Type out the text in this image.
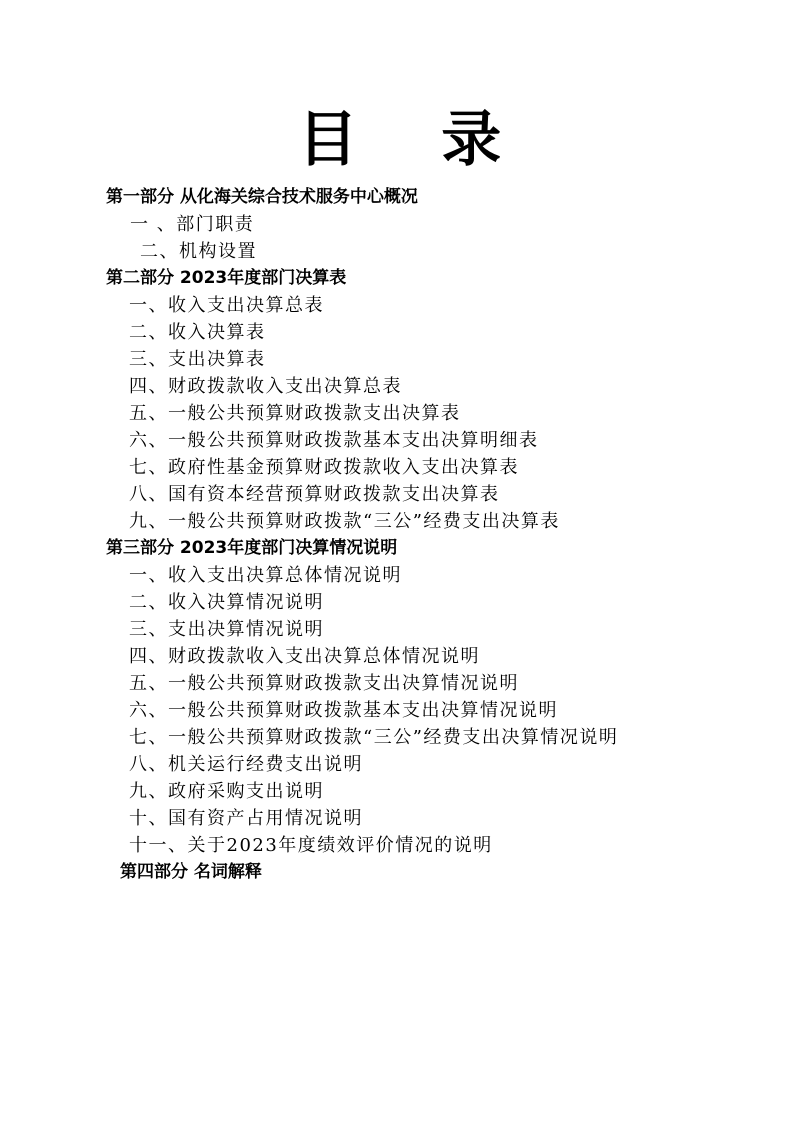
目    录
第一部分 从化海关综合技术服务中心概况
一 、部门职责
二、机构设置
第二部分 2023年度部门决算表
一、收入支出决算总表
二、收入决算表
三、支出决算表
四、财政拨款收入支出决算总表
五、一般公共预算财政拨款支出决算表
六、一般公共预算财政拨款基本支出决算明细表
七、政府性基金预算财政拨款收入支出决算表
八、国有资本经营预算财政拨款支出决算表
九、一般公共预算财政拨款“三公”经费支出决算表
第三部分 2023年度部门决算情况说明
一、收入支出决算总体情况说明
二、收入决算情况说明
三、支出决算情况说明
四、财政拨款收入支出决算总体情况说明
五、一般公共预算财政拨款支出决算情况说明
六、一般公共预算财政拨款基本支出决算情况说明
七、一般公共预算财政拨款“三公”经费支出决算情况说明
八、机关运行经费支出说明
九、政府采购支出说明
十、国有资产占用情况说明
十一、关于2023年度绩效评价情况的说明
第四部分 名词解释
